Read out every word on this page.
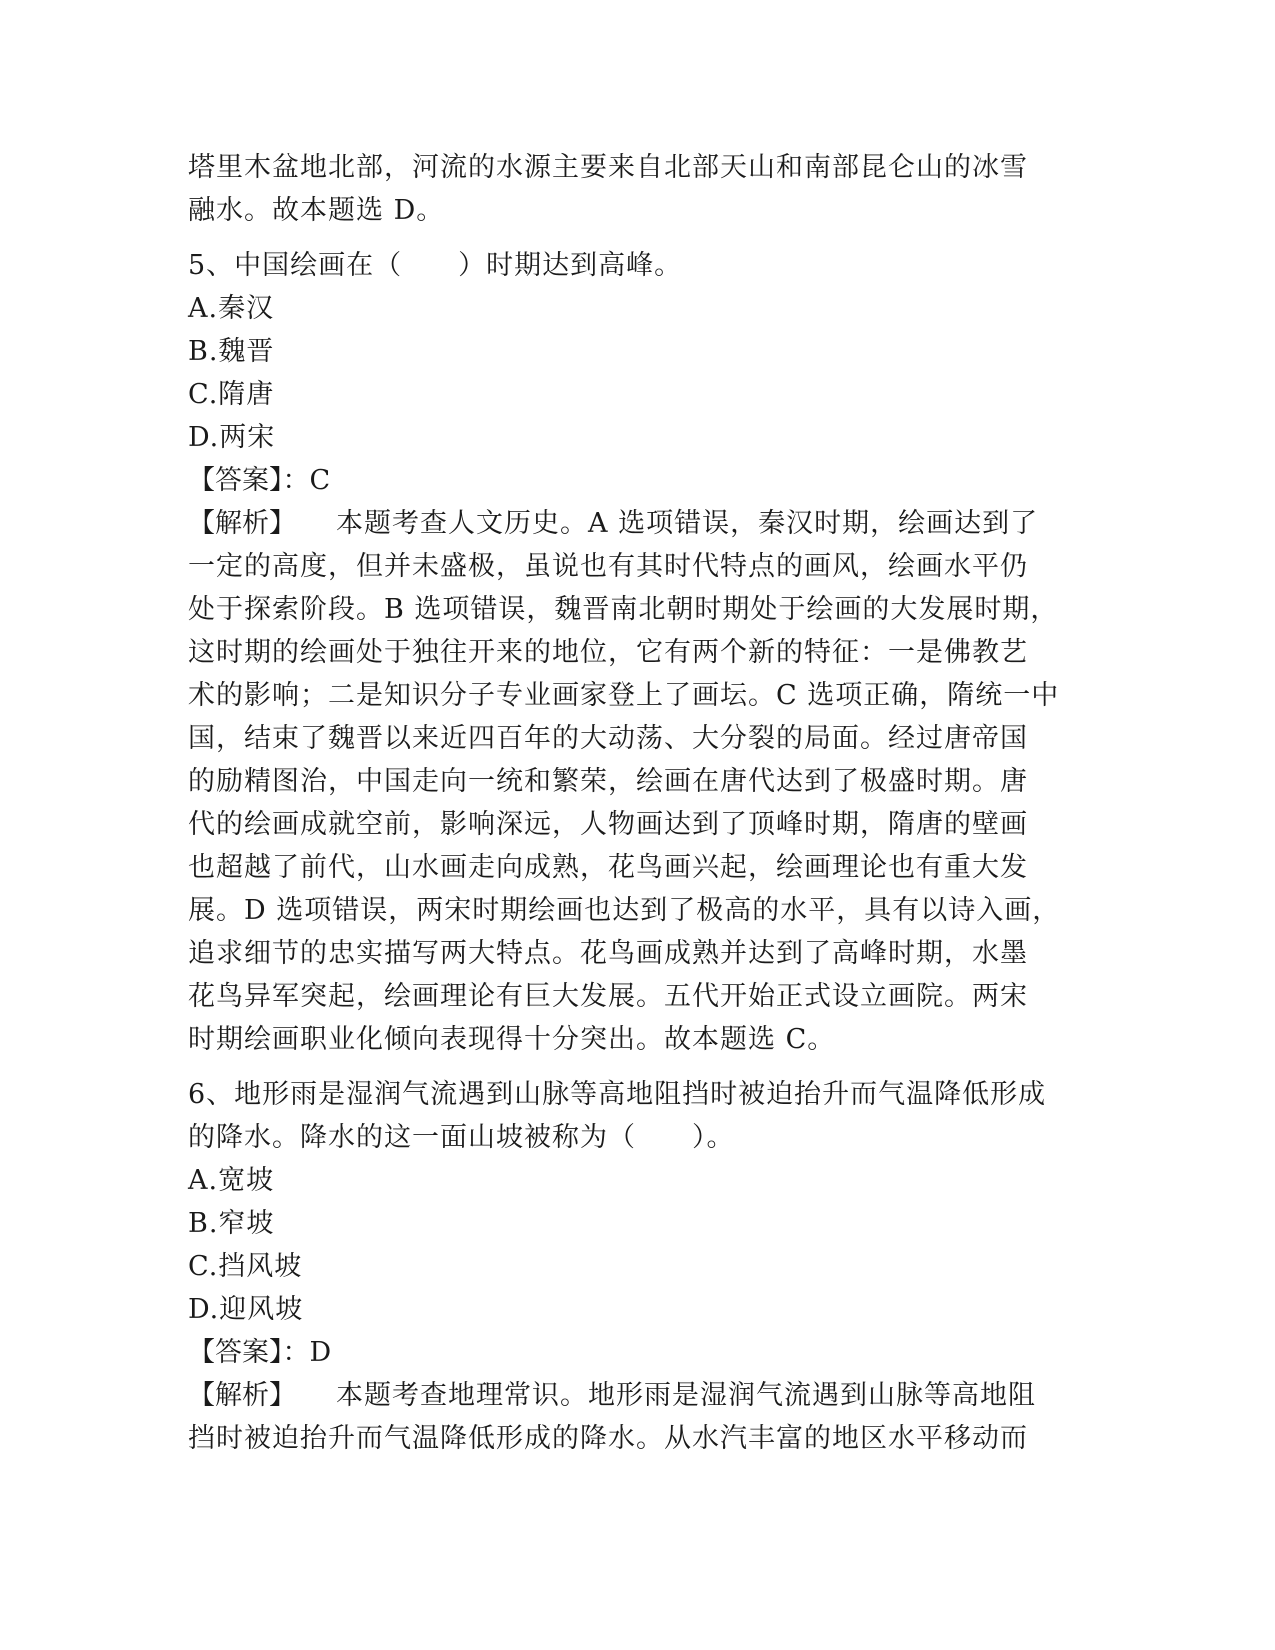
塔里木盆地北部，河流的水源主要来自北部天山和南部昆仑山的冰雪
融水。故本题选 D。
5、中国绘画在（　　）时期达到高峰。
A.秦汉
B.魏晋
C.隋唐
D.两宋
【答案】：C
【解析】 本题考查人文历史。A 选项错误，秦汉时期，绘画达到了
一定的高度，但并未盛极，虽说也有其时代特点的画风，绘画水平仍
处于探索阶段。B 选项错误，魏晋南北朝时期处于绘画的大发展时期，
这时期的绘画处于独往开来的地位，它有两个新的特征：一是佛教艺
术的影响；二是知识分子专业画家登上了画坛。C 选项正确，隋统一中
国，结束了魏晋以来近四百年的大动荡、大分裂的局面。经过唐帝国
的励精图治，中国走向一统和繁荣，绘画在唐代达到了极盛时期。唐
代的绘画成就空前，影响深远，人物画达到了顶峰时期，隋唐的壁画
也超越了前代，山水画走向成熟，花鸟画兴起，绘画理论也有重大发
展。D 选项错误，两宋时期绘画也达到了极高的水平，具有以诗入画，
追求细节的忠实描写两大特点。花鸟画成熟并达到了高峰时期，水墨
花鸟异军突起，绘画理论有巨大发展。五代开始正式设立画院。两宋
时期绘画职业化倾向表现得十分突出。故本题选 C。
6、地形雨是湿润气流遇到山脉等高地阻挡时被迫抬升而气温降低形成
的降水。降水的这一面山坡被称为（　　）。
A.宽坡
B.窄坡
C.挡风坡
D.迎风坡
【答案】：D
【解析】 本题考查地理常识。地形雨是湿润气流遇到山脉等高地阻
挡时被迫抬升而气温降低形成的降水。从水汽丰富的地区水平移动而
